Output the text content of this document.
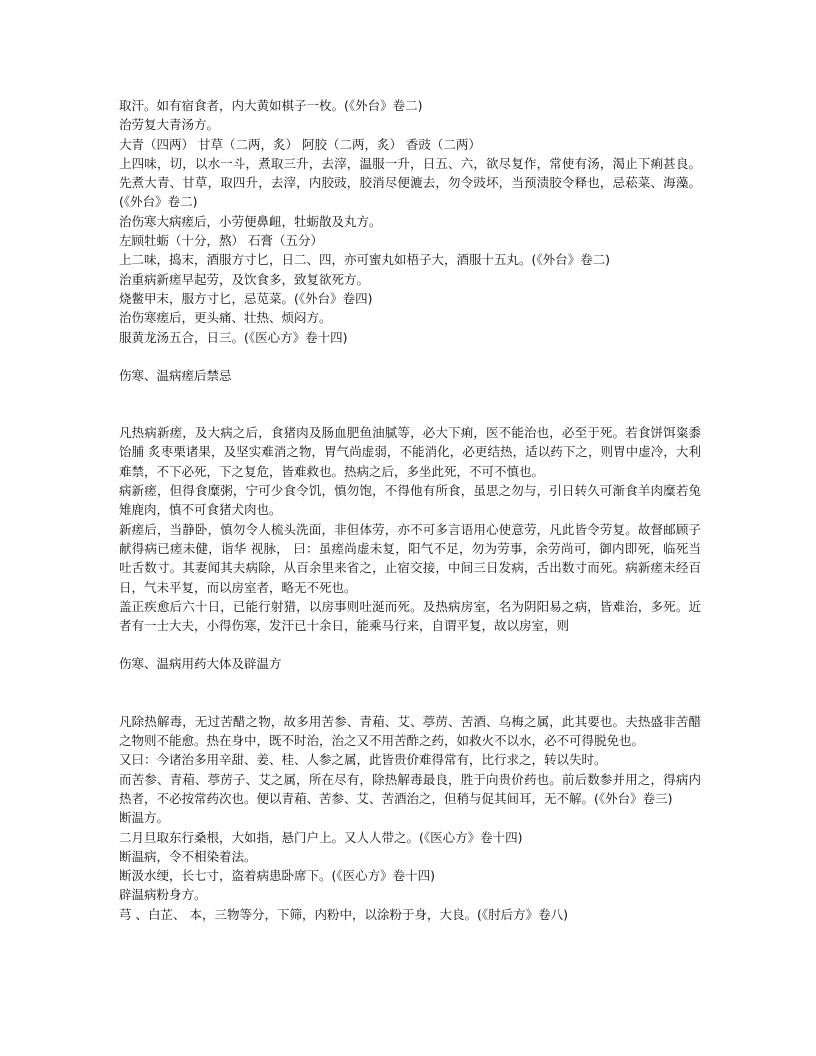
取汗。如有宿食者，内大黄如棋子一枚。(《外台》卷二)

治劳复大青汤方。

大青（四两） 甘草（二两，炙） 阿胶（二两，炙） 香豉（二两）

上四味，切，以水一斗，煮取三升，去滓，温服一升，日五、六，欲尽复作，常使有汤，渴止下痢甚良。先煮大青、甘草，取四升，去滓，内胶豉，胶消尽便漉去，勿令豉坏，当预渍胶令释也，忌菘菜、海藻。(《外台》卷二)

治伤寒大病瘥后，小劳便鼻衄，牡蛎散及丸方。

左顾牡蛎（十分，熬） 石膏（五分）

上二味，捣末，酒服方寸匕，日二、四，亦可蜜丸如梧子大，酒服十五丸。(《外台》卷二)

治重病新瘥早起劳，及饮食多，致复欲死方。

烧鳖甲末，服方寸匕，忌苋菜。(《外台》卷四)

治伤寒瘥后，更头痛、壮热、烦闷方。

服黄龙汤五合，日三。(《医心方》卷十四)

伤寒、温病瘥后禁忌

凡热病新瘥，及大病之后，食猪肉及肠血肥鱼油腻等，必大下痢，医不能治也，必至于死。若食饼饵粢黍饴脯 炙枣栗诸果，及坚实难消之物，胃气尚虚弱，不能消化，必更结热，适以药下之，则胃中虚冷，大利难禁，不下必死，下之复危，皆难救也。热病之后，多坐此死，不可不慎也。

病新瘥，但得食糜粥，宁可少食令饥，慎勿饱，不得他有所食，虽思之勿与，引日转久可渐食羊肉糜若兔雉鹿肉，慎不可食猪犬肉也。

新瘥后，当静卧，慎勿令人梳头洗面，非但体劳，亦不可多言语用心使意劳，凡此皆令劳复。故督邮顾子献得病已瘥未健，诣华 视脉， 曰：虽瘥尚虚未复，阳气不足，勿为劳事，余劳尚可，御内即死，临死当吐舌数寸。其妻闻其夫病除，从百余里来省之，止宿交接，中间三日发病，舌出数寸而死。病新瘥未经百日，气未平复，而以房室者，略无不死也。

盖正疾愈后六十日，已能行射猎，以房事则吐涎而死。及热病房室，名为阴阳易之病，皆难治，多死。近者有一士大夫，小得伤寒，发汗已十余日，能乘马行来，自谓平复，故以房室，则

伤寒、温病用药大体及辟温方

凡除热解毒，无过苦醋之物，故多用苦参、青葙、艾、葶苈、苦酒、乌梅之属，此其要也。夫热盛非苦醋之物则不能愈。热在身中，既不时治，治之又不用苦酢之药，如救火不以水，必不可得脱免也。

又曰：今诸治多用辛甜、姜、桂、人参之属，此皆贵价难得常有，比行求之，转以失时。

而苦参、青葙、葶苈子、艾之属，所在尽有，除热解毒最良，胜于向贵价药也。前后数参并用之，得病内热者，不必按常药次也。便以青葙、苦参、艾、苦酒治之，但稍与促其间耳，无不解。(《外台》卷三)

断温方。

二月旦取东行桑根，大如指，悬门户上。又人人带之。(《医心方》卷十四)

断温病，令不相染着法。

断汲水绠，长七寸，盗着病患卧席下。(《医心方》卷十四)

辟温病粉身方。

芎 、白芷、 本，三物等分，下筛，内粉中，以涂粉于身，大良。(《肘后方》卷八)
